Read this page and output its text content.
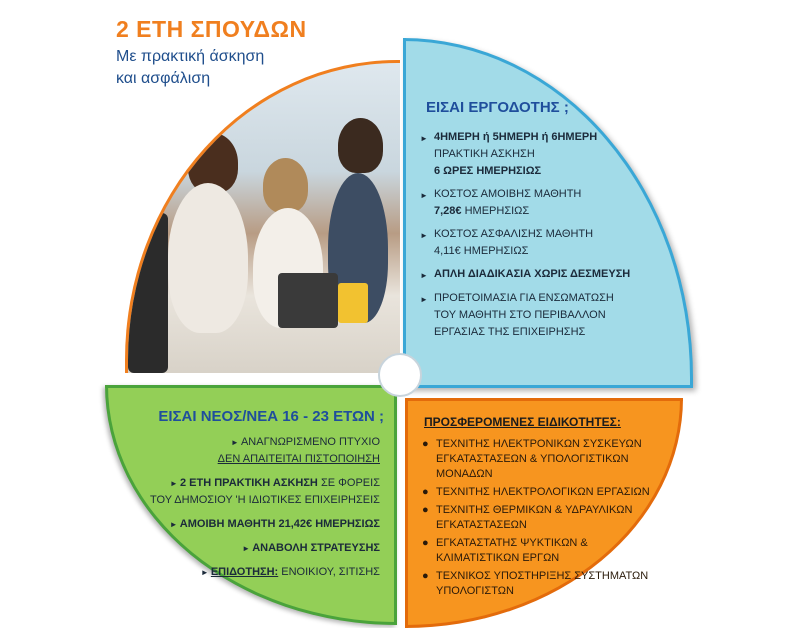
2 ΕΤΗ ΣΠΟΥΔΩΝ
Με πρακτική άσκηση
και ασφάλιση
ΕΙΣΑΙ ΕΡΓΟΔΟΤΗΣ ;
► 4ΗΜΕΡΗ ή 5ΗΜΕΡΗ ή 6ΗΜΕΡΗ
ΠΡΑΚΤΙΚΗ ΑΣΚΗΣΗ
6 ΩΡΕΣ ΗΜΕΡΗΣΙΩΣ
► ΚΟΣΤΟΣ ΑΜΟΙΒΗΣ ΜΑΘΗΤΗ
7,28€ ΗΜΕΡΗΣΙΩΣ
► ΚΟΣΤΟΣ ΑΣΦΑΛΙΣΗΣ ΜΑΘΗΤΗ
4,11€ ΗΜΕΡΗΣΙΩΣ
► ΑΠΛΗ ΔΙΑΔΙΚΑΣΙΑ ΧΩΡΙΣ ΔΕΣΜΕΥΣΗ
► ΠΡΟΕΤΟΙΜΑΣΙΑ ΓΙΑ ΕΝΣΩΜΑΤΩΣΗ
ΤΟΥ ΜΑΘΗΤΗ ΣΤΟ ΠΕΡΙΒΑΛΛΟΝ
ΕΡΓΑΣΙΑΣ ΤΗΣ ΕΠΙΧΕΙΡΗΣΗΣ
ΕΙΣΑΙ ΝΕΟΣ/ΝΕΑ 16 - 23 ΕΤΩΝ ;
► ΑΝΑΓΝΩΡΙΣΜΕΝΟ ΠΤΥΧΙΟ
ΔΕΝ ΑΠΑΙΤΕΙΤΑΙ ΠΙΣΤΟΠΟΙΗΣΗ
► 2 ΕΤΗ ΠΡΑΚΤΙΚΗ ΑΣΚΗΣΗ ΣΕ ΦΟΡΕΙΣ
ΤΟΥ ΔΗΜΟΣΙΟΥ 'Η ΙΔΙΩΤΙΚΕΣ ΕΠΙΧΕΙΡΗΣΕΙΣ
► ΑΜΟΙΒΗ ΜΑΘΗΤΗ 21,42€ ΗΜΕΡΗΣΙΩΣ
► ΑΝΑΒΟΛΗ ΣΤΡΑΤΕΥΣΗΣ
► ΕΠΙΔΟΤΗΣΗ: ΕΝΟΙΚΙΟΥ, ΣΙΤΙΣΗΣ
ΠΡΟΣΦΕΡΟΜΕΝΕΣ ΕΙΔΙΚΟΤΗΤΕΣ:
● ΤΕΧΝΙΤΗΣ ΗΛΕΚΤΡΟΝΙΚΩΝ ΣΥΣΚΕΥΩΝ ΕΓΚΑΤΑΣΤΑΣΕΩΝ & ΥΠΟΛΟΓΙΣΤΙΚΩΝ ΜΟΝΑΔΩΝ
● ΤΕΧΝΙΤΗΣ ΗΛΕΚΤΡΟΛΟΓΙΚΩΝ ΕΡΓΑΣΙΩΝ
● ΤΕΧΝΙΤΗΣ ΘΕΡΜΙΚΩΝ & ΥΔΡΑΥΛΙΚΩΝ ΕΓΚΑΤΑΣΤΑΣΕΩΝ
● ΕΓΚΑΤΑΣΤΑΤΗΣ ΨΥΚΤΙΚΩΝ & ΚΛΙΜΑΤΙΣΤΙΚΩΝ ΕΡΓΩΝ
● ΤΕΧΝΙΚΟΣ ΥΠΟΣΤΗΡΙΞΗΣ ΣΥΣΤΗΜΑΤΩΝ ΥΠΟΛΟΓΙΣΤΩΝ
